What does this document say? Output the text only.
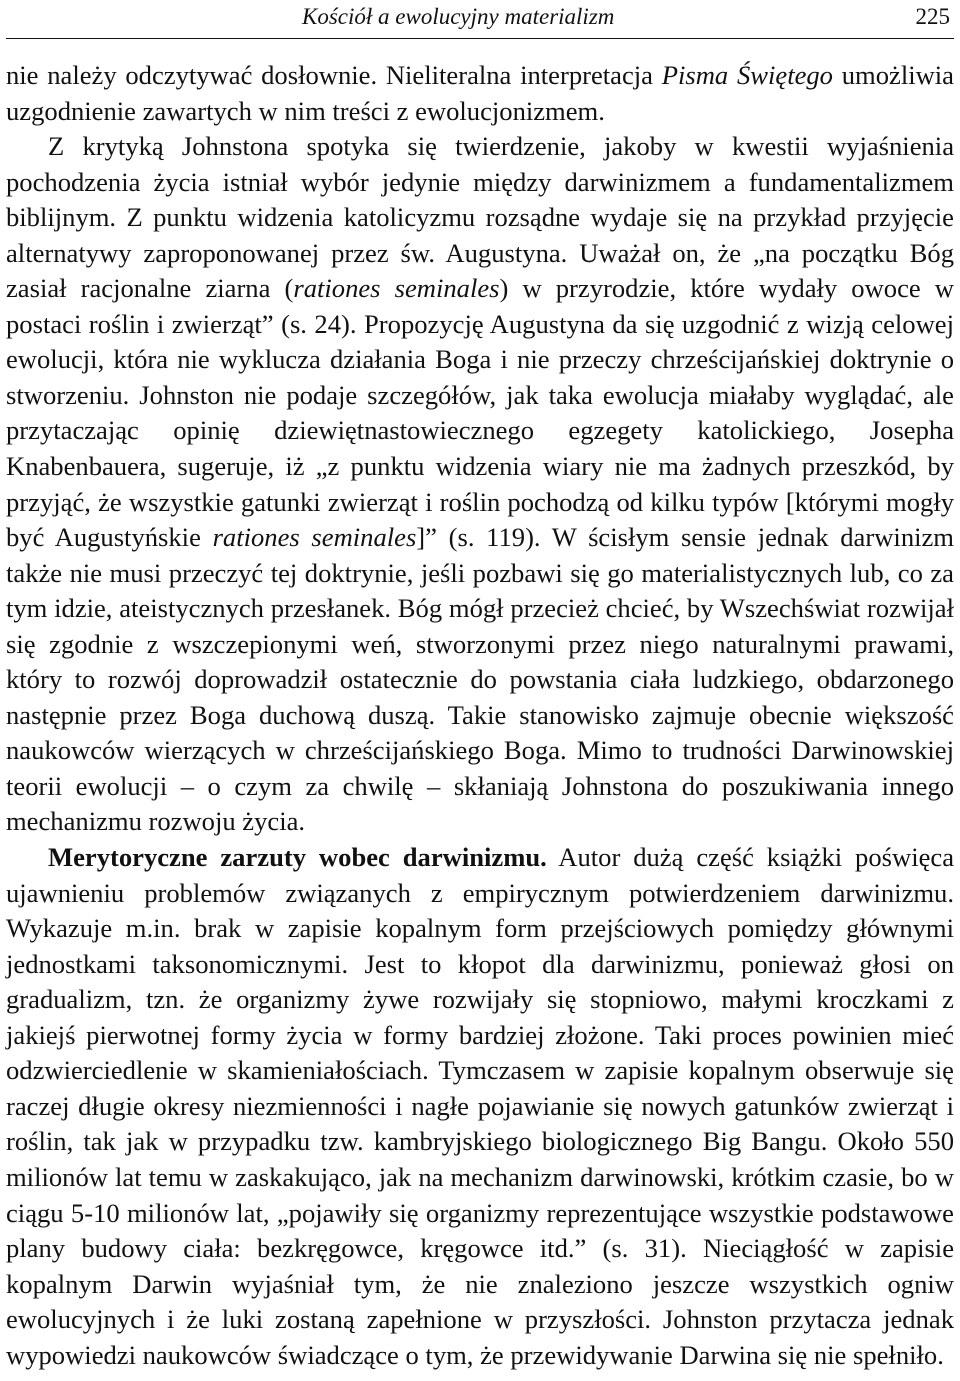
Kościół a ewolucyjny materializm	225

nie należy odczytywać dosłownie. Nieliteralna interpretacja Pisma Świętego umożliwia uzgodnienie zawartych w nim treści z ewolucjonizmem.

Z krytyką Johnstona spotyka się twierdzenie, jakoby w kwestii wyjaśnienia pochodzenia życia istniał wybór jedynie między darwinizmem a fundamentalizmem biblijnym. Z punktu widzenia katolicyzmu rozsądne wydaje się na przykład przyjęcie alternatywy zaproponowanej przez św. Augustyna. Uważał on, że „na początku Bóg zasiał racjonalne ziarna (rationes seminales) w przyrodzie, które wydały owoce w postaci roślin i zwierząt” (s. 24). Propozycję Augustyna da się uzgodnić z wizją celowej ewolucji, która nie wyklucza działania Boga i nie przeczy chrześcijańskiej doktrynie o stworzeniu. Johnston nie podaje szczegółów, jak taka ewolucja miałaby wyglądać, ale przytaczając opinię dziewiętnastowiecznego egzegety katolickiego, Josepha Knabenbauera, sugeruje, iż „z punktu widzenia wiary nie ma żadnych przeszkód, by przyjąć, że wszystkie gatunki zwierząt i roślin pochodzą od kilku typów [którymi mogły być Augustyńskie rationes seminales]” (s. 119). W ścisłym sensie jednak darwinizm także nie musi przeczyć tej doktrynie, jeśli pozbawi się go materialistycznych lub, co za tym idzie, ateistycznych przesłanek. Bóg mógł przecież chcieć, by Wszechświat rozwijał się zgodnie z wszczepionymi weń, stworzonymi przez niego naturalnymi prawami, który to rozwój doprowadził ostatecznie do powstania ciała ludzkiego, obdarzonego następnie przez Boga duchową duszą. Takie stanowisko zajmuje obecnie większość naukowców wierzących w chrześcijańskiego Boga. Mimo to trudności Darwinowskiej teorii ewolucji – o czym za chwilę – skłaniają Johnstona do poszukiwania innego mechanizmu rozwoju życia.

Merytoryczne zarzuty wobec darwinizmu. Autor dużą część książki poświęca ujawnieniu problemów związanych z empirycznym potwierdzeniem darwinizmu. Wykazuje m.in. brak w zapisie kopalnym form przejściowych pomiędzy głównymi jednostkami taksonomicznymi. Jest to kłopot dla darwinizmu, ponieważ głosi on gradualizm, tzn. że organizmy żywe rozwijały się stopniowo, małymi kroczkami z jakiejś pierwotnej formy życia w formy bardziej złożone. Taki proces powinien mieć odzwierciedlenie w skamieniałościach. Tymczasem w zapisie kopalnym obserwuje się raczej długie okresy niezmienności i nagłe pojawianie się nowych gatunków zwierząt i roślin, tak jak w przypadku tzw. kambryjskiego biologicznego Big Bangu. Około 550 milionów lat temu w zaskakująco, jak na mechanizm darwinowski, krótkim czasie, bo w ciągu 5-10 milionów lat, „pojawiły się organizmy reprezentujące wszystkie podstawowe plany budowy ciała: bezkręgowce, kręgowce itd.” (s. 31). Nieciągłość w zapisie kopalnym Darwin wyjaśniał tym, że nie znaleziono jeszcze wszystkich ogniw ewolucyjnych i że luki zostaną zapełnione w przyszłości. Johnston przytacza jednak wypowiedzi naukowców świadczące o tym, że przewidywanie Darwina się nie spełniło.
